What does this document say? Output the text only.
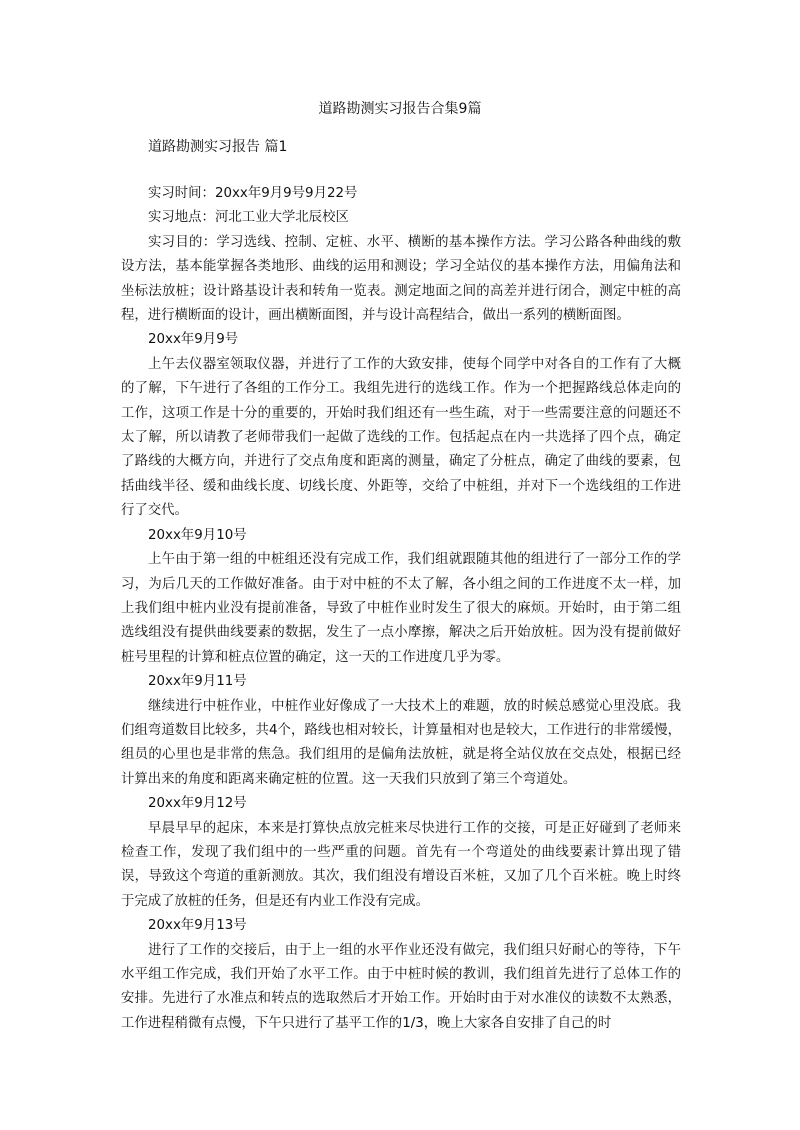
道路勘测实习报告合集9篇
道路勘测实习报告 篇1

实习时间：20xx年9月9号9月22号

实习地点：河北工业大学北辰校区

实习目的：学习选线、控制、定桩、水平、横断的基本操作方法。学习公路各种曲线的敷设方法，基本能掌握各类地形、曲线的运用和测设；学习全站仪的基本操作方法，用偏角法和坐标法放桩；设计路基设计表和转角一览表。测定地面之间的高差并进行闭合，测定中桩的高程，进行横断面的设计，画出横断面图，并与设计高程结合，做出一系列的横断面图。

20xx年9月9号

上午去仪器室领取仪器，并进行了工作的大致安排，使每个同学中对各自的工作有了大概的了解，下午进行了各组的工作分工。我组先进行的选线工作。作为一个把握路线总体走向的工作，这项工作是十分的重要的，开始时我们组还有一些生疏，对于一些需要注意的问题还不太了解，所以请教了老师带我们一起做了选线的工作。包括起点在内一共选择了四个点，确定了路线的大概方向，并进行了交点角度和距离的测量，确定了分桩点，确定了曲线的要素，包括曲线半径、缓和曲线长度、切线长度、外距等，交给了中桩组，并对下一个选线组的工作进行了交代。

20xx年9月10号

上午由于第一组的中桩组还没有完成工作，我们组就跟随其他的组进行了一部分工作的学习，为后几天的工作做好准备。由于对中桩的不太了解，各小组之间的工作进度不太一样，加上我们组中桩内业没有提前准备，导致了中桩作业时发生了很大的麻烦。开始时，由于第二组选线组没有提供曲线要素的数据，发生了一点小摩擦，解决之后开始放桩。因为没有提前做好桩号里程的计算和桩点位置的确定，这一天的工作进度几乎为零。

20xx年9月11号

继续进行中桩作业，中桩作业好像成了一大技术上的难题，放的时候总感觉心里没底。我们组弯道数目比较多，共4个，路线也相对较长，计算量相对也是较大，工作进行的非常缓慢，组员的心里也是非常的焦急。我们组用的是偏角法放桩，就是将全站仪放在交点处，根据已经计算出来的角度和距离来确定桩的位置。这一天我们只放到了第三个弯道处。

20xx年9月12号

早晨早早的起床，本来是打算快点放完桩来尽快进行工作的交接，可是正好碰到了老师来检查工作，发现了我们组中的一些严重的问题。首先有一个弯道处的曲线要素计算出现了错误，导致这个弯道的重新测放。其次，我们组没有增设百米桩，又加了几个百米桩。晚上时终于完成了放桩的任务，但是还有内业工作没有完成。

20xx年9月13号

进行了工作的交接后，由于上一组的水平作业还没有做完，我们组只好耐心的等待，下午水平组工作完成，我们开始了水平工作。由于中桩时候的教训，我们组首先进行了总体工作的安排。先进行了水准点和转点的选取然后才开始工作。开始时由于对水准仪的读数不太熟悉，工作进程稍微有点慢，下午只进行了基平工作的1/3，晚上大家各自安排了自己的时
